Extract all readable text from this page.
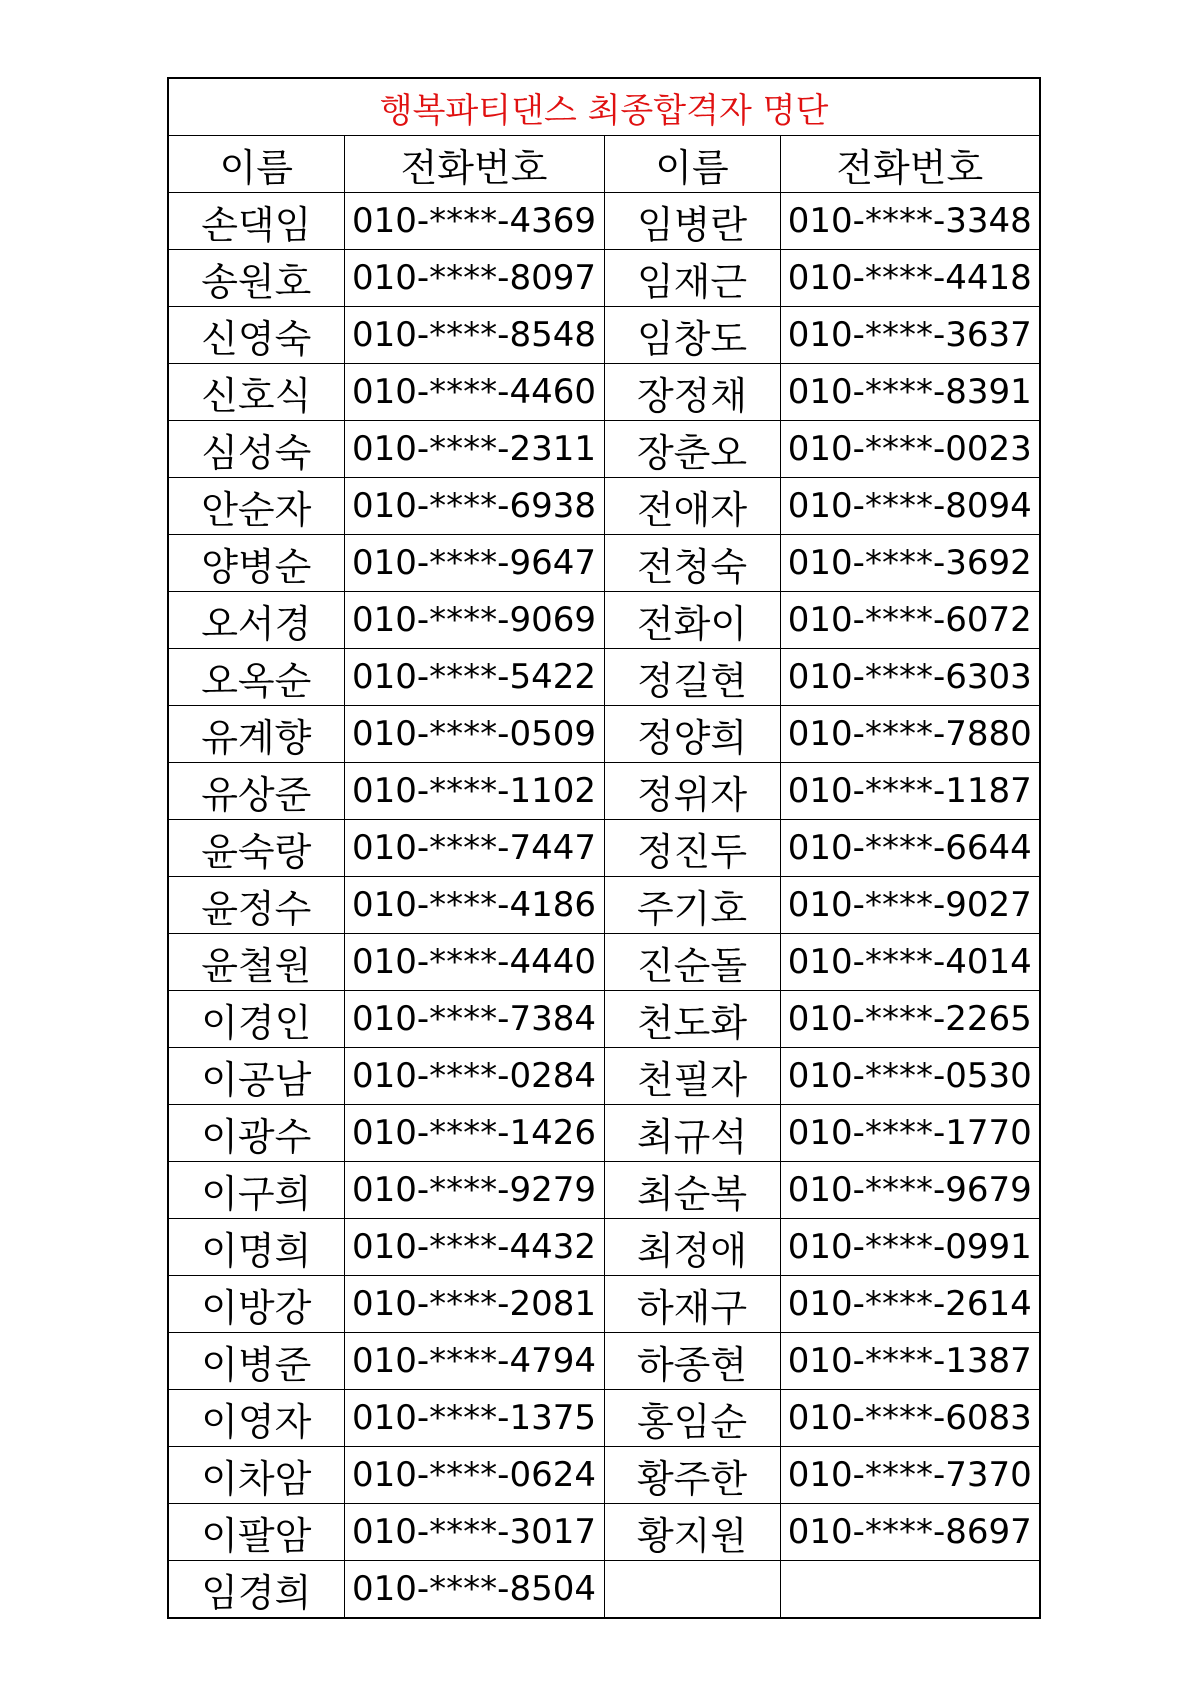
행복파티댄스 최종합격자 명단			
이름	전화번호	이름	전화번호
손댁임	010-****-4369	임병란	010-****-3348
송원호	010-****-8097	임재근	010-****-4418
신영숙	010-****-8548	임창도	010-****-3637
신호식	010-****-4460	장정채	010-****-8391
심성숙	010-****-2311	장춘오	010-****-0023
안순자	010-****-6938	전애자	010-****-8094
양병순	010-****-9647	전청숙	010-****-3692
오서경	010-****-9069	전화이	010-****-6072
오옥순	010-****-5422	정길현	010-****-6303
유계향	010-****-0509	정양희	010-****-7880
유상준	010-****-1102	정위자	010-****-1187
윤숙랑	010-****-7447	정진두	010-****-6644
윤정수	010-****-4186	주기호	010-****-9027
윤철원	010-****-4440	진순돌	010-****-4014
이경인	010-****-7384	천도화	010-****-2265
이공남	010-****-0284	천필자	010-****-0530
이광수	010-****-1426	최규석	010-****-1770
이구희	010-****-9279	최순복	010-****-9679
이명희	010-****-4432	최정애	010-****-0991
이방강	010-****-2081	하재구	010-****-2614
이병준	010-****-4794	하종현	010-****-1387
이영자	010-****-1375	홍임순	010-****-6083
이차암	010-****-0624	황주한	010-****-7370
이팔암	010-****-3017	황지원	010-****-8697
임경희	010-****-8504		
